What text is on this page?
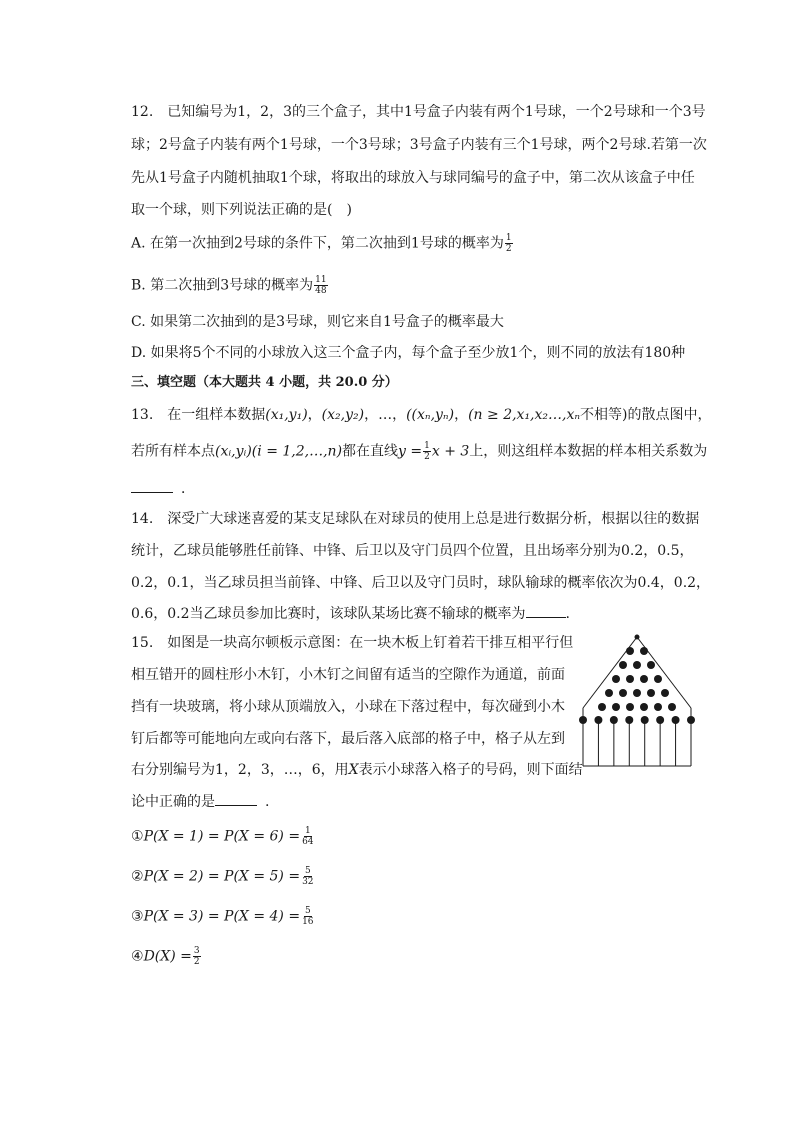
12.　已知编号为1，2，3的三个盒子，其中1号盒子内装有两个1号球，一个2号球和一个3号
球；2号盒子内装有两个1号球，一个3号球；3号盒子内装有三个1号球，两个2号球.若第一次
先从1号盒子内随机抽取1个球，将取出的球放入与球同编号的盒子中，第二次从该盒子中任
取一个球，则下列说法正确的是(　)
A. 在第一次抽到2号球的条件下，第二次抽到1号球的概率为 $\frac{1}{2}$
B. 第二次抽到3号球的概率为 $\frac{11}{48}$
C. 如果第二次抽到的是3号球，则它来自1号盒子的概率最大
D. 如果将5个不同的小球放入这三个盒子内，每个盒子至少放1个，则不同的放法有180种
三、填空题（本大题共 4 小题，共 20.0 分）
13.　在一组样本数据(x₁,y₁)，(x₂,y₂)，…，((xₙ,yₙ)，(n ≥ 2,x₁,x₂…,xₙ不相等)的散点图中，
若所有样本点(xᵢ,yᵢ)(i = 1,2,…,n)都在直线$y = \frac{1}{2}$ x + 3上，则这组样本数据的样本相关系数为
．
14.　深受广大球迷喜爱的某支足球队在对球员的使用上总是进行数据分析，根据以往的数据
统计，乙球员能够胜任前锋、中锋、后卫以及守门员四个位置，且出场率分别为0.2，0.5，
0.2，0.1，当乙球员担当前锋、中锋、后卫以及守门员时，球队输球的概率依次为0.4，0.2，
0.6，0.2当乙球员参加比赛时，该球队某场比赛不输球的概率为	.
15.　如图是一块高尔顿板示意图：在一块木板上钉着若干排互相平行但
相互错开的圆柱形小木钉，小木钉之间留有适当的空隙作为通道，前面
挡有一块玻璃，将小球从顶端放入，小球在下落过程中，每次碰到小木
钉后都等可能地向左或向右落下，最后落入底部的格子中，格子从左到
右分别编号为1，2，3，…，6，用X表示小球落入格子的号码，则下面结
论中正确的是	.
①P(X = $1) = P(X = 6) = \frac{1}{64}$
②P(X = $2) = P(X = 5) = \frac{5}{32}$
③P(X = $3) = P(X = 4) = \frac{5}{16}$
④D(X) = $\frac{3}{2}$
